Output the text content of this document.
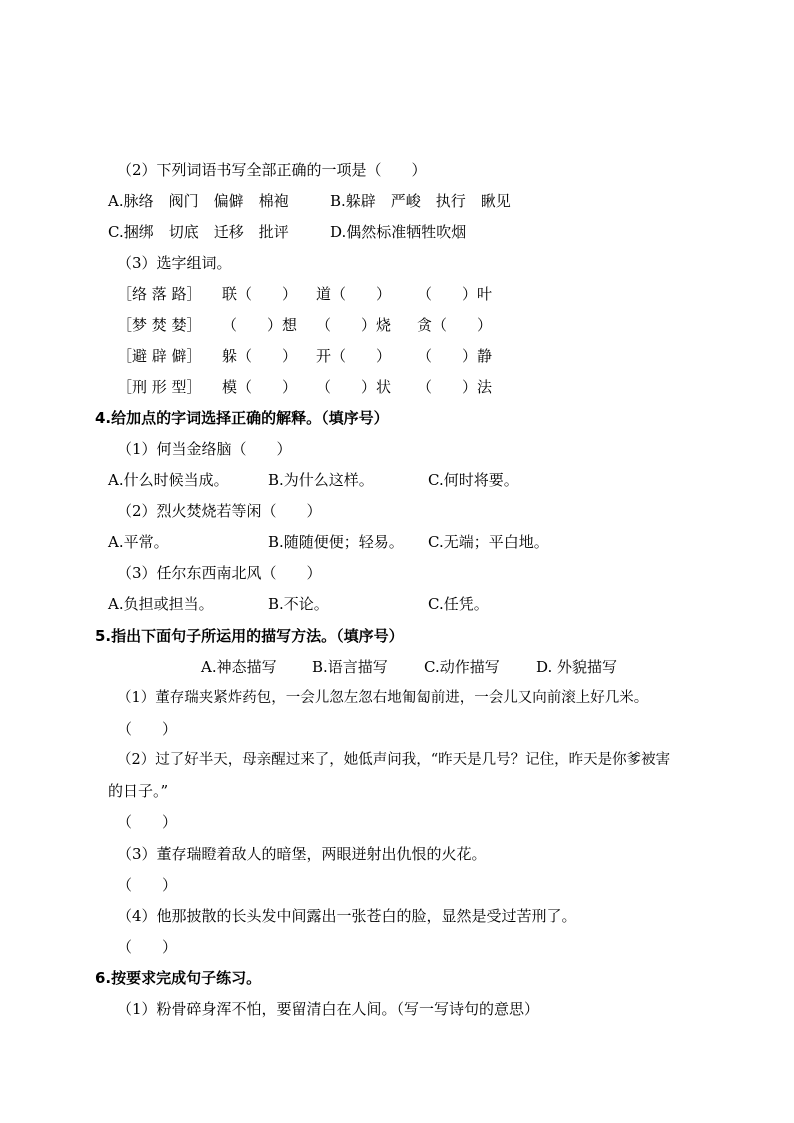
（2）下列词语书写全部正确的一项是（　　）
A.脉络　阀门　偏僻　棉袍	B.躲辟　严峻　执行　瞅见
C.捆绑　切底　迁移　批评	D.偶然标准牺牲吹烟
（3）选字组词。
［络 落 路］ 联（　　） 道（　　） （　　）叶
［梦 焚 婪］ （　　）想 （　　）烧 贪（　　）
［避 辟 僻］ 躲（　　） 开（　　） （　　）静
［刑 形 型］ 模（　　） （　　）状 （　　）法
4.给加点的字词选择正确的解释。（填序号）
（1）何当金络脑（　　）
A.什么时候当成。	B.为什么这样。	C.何时将要。
（2）烈火焚烧若等闲（　　）
A.平常。	B.随随便便；轻易。 C.无端；平白地。
（3）任尔东西南北风（　　）
A.负担或担当。	B.不论。	C.任凭。
5.指出下面句子所运用的描写方法。（填序号）
A.神态描写 B.语言描写 C.动作描写 D. 外貌描写
（1）董存瑞夹紧炸药包，一会儿忽左忽右地匍匐前进，一会儿又向前滚上好几米。
（　　）
（2）过了好半天，母亲醒过来了，她低声问我，“昨天是几号？记住，昨天是你爹被害
的日子。”
（　　）
（3）董存瑞瞪着敌人的暗堡，两眼迸射出仇恨的火花。
（　　）
（4）他那披散的长头发中间露出一张苍白的脸，显然是受过苦刑了。
（　　）
6.按要求完成句子练习。
（1）粉骨碎身浑不怕，要留清白在人间。（写一写诗句的意思）
